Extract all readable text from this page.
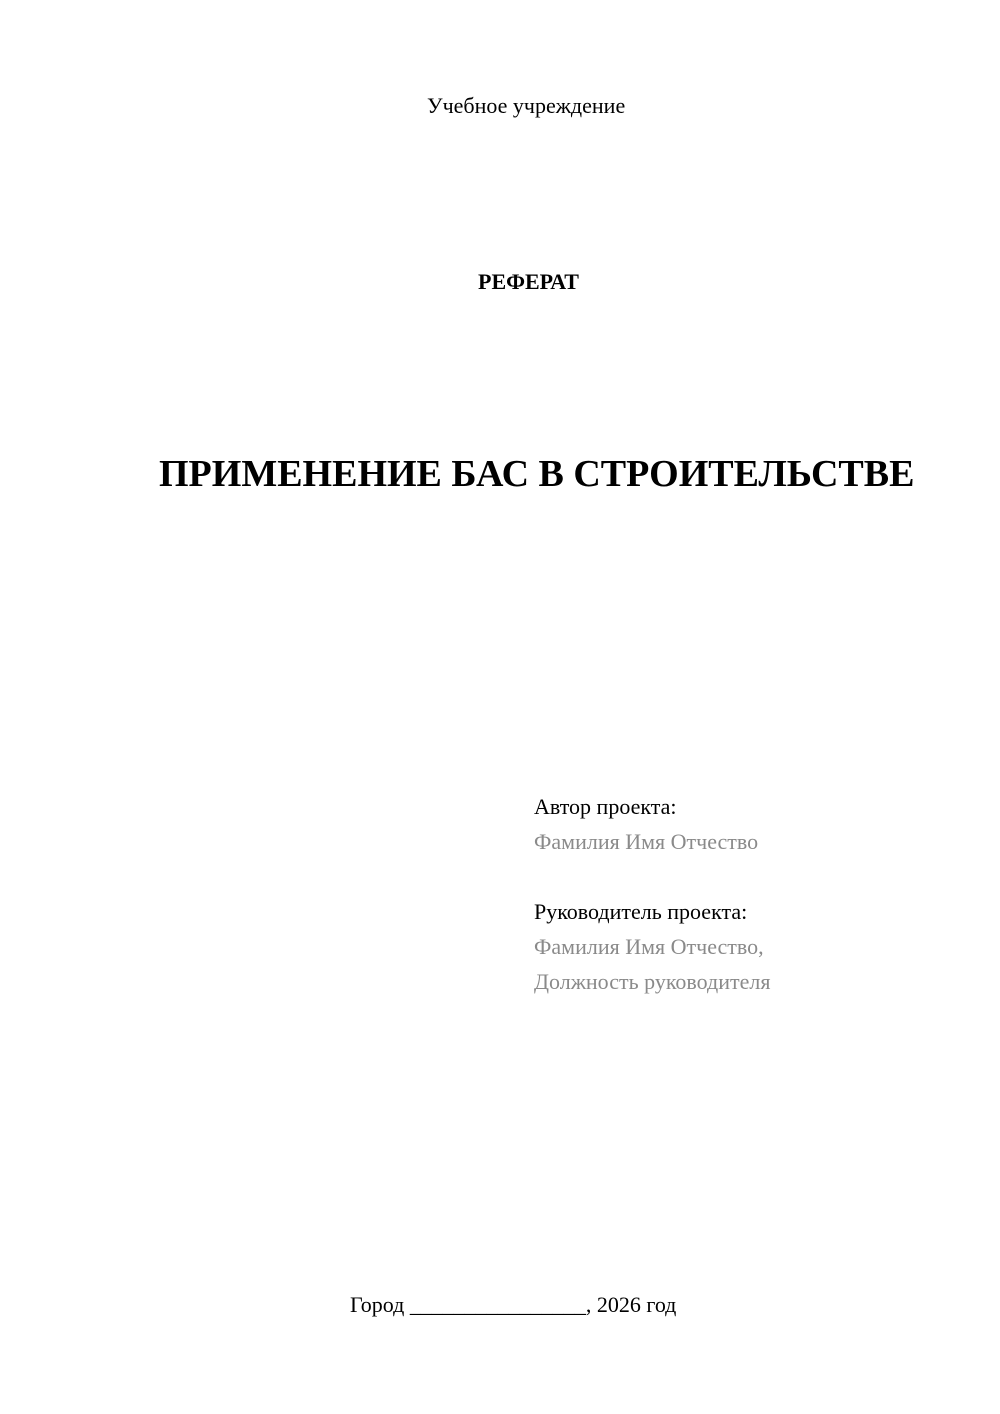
Учебное учреждение
РЕФЕРАТ
ПРИМЕНЕНИЕ БАС В СТРОИТЕЛЬСТВЕ
Автор проекта:
Фамилия Имя Отчество
Руководитель проекта:
Фамилия Имя Отчество,
Должность руководителя
Город ________________, 2026 год
